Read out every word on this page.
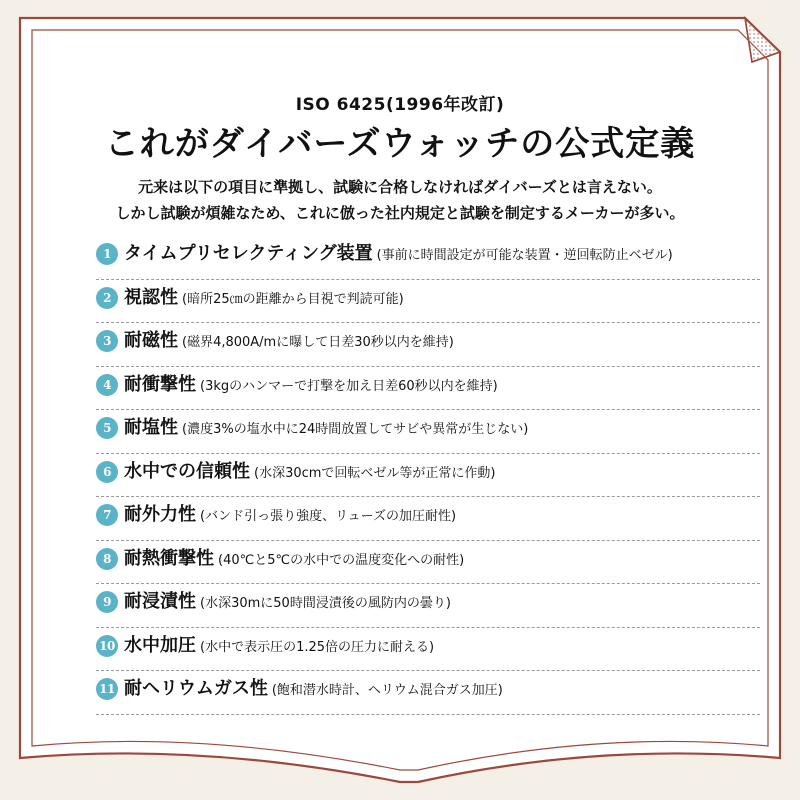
ISO 6425(1996年改訂)
これがダイバーズウォッチの公式定義
元来は以下の項目に準拠し、試験に合格しなければダイバーズとは言えない。
しかし試験が煩雑なため、これに倣った社内規定と試験を制定するメーカーが多い。
1 タイムプリセレクティング装置 (事前に時間設定が可能な装置・逆回転防止ベゼル)
2 視認性 (暗所25㎝の距離から目視で判読可能)
3 耐磁性 (磁界4,800A/mに曝して日差30秒以内を維持)
4 耐衝撃性 (3kgのハンマーで打撃を加え日差60秒以内を維持)
5 耐塩性 (濃度3%の塩水中に24時間放置してサビや異常が生じない)
6 水中での信頼性 (水深30cmで回転ベゼル等が正常に作動)
7 耐外力性 (バンド引っ張り強度、リューズの加圧耐性)
8 耐熱衝撃性 (40℃と5℃の水中での温度変化への耐性)
9 耐浸漬性 (水深30mに50時間浸漬後の風防内の曇り)
10 水中加圧 (水中で表示圧の1.25倍の圧力に耐える)
11 耐ヘリウムガス性 (飽和潜水時計、ヘリウム混合ガス加圧)
